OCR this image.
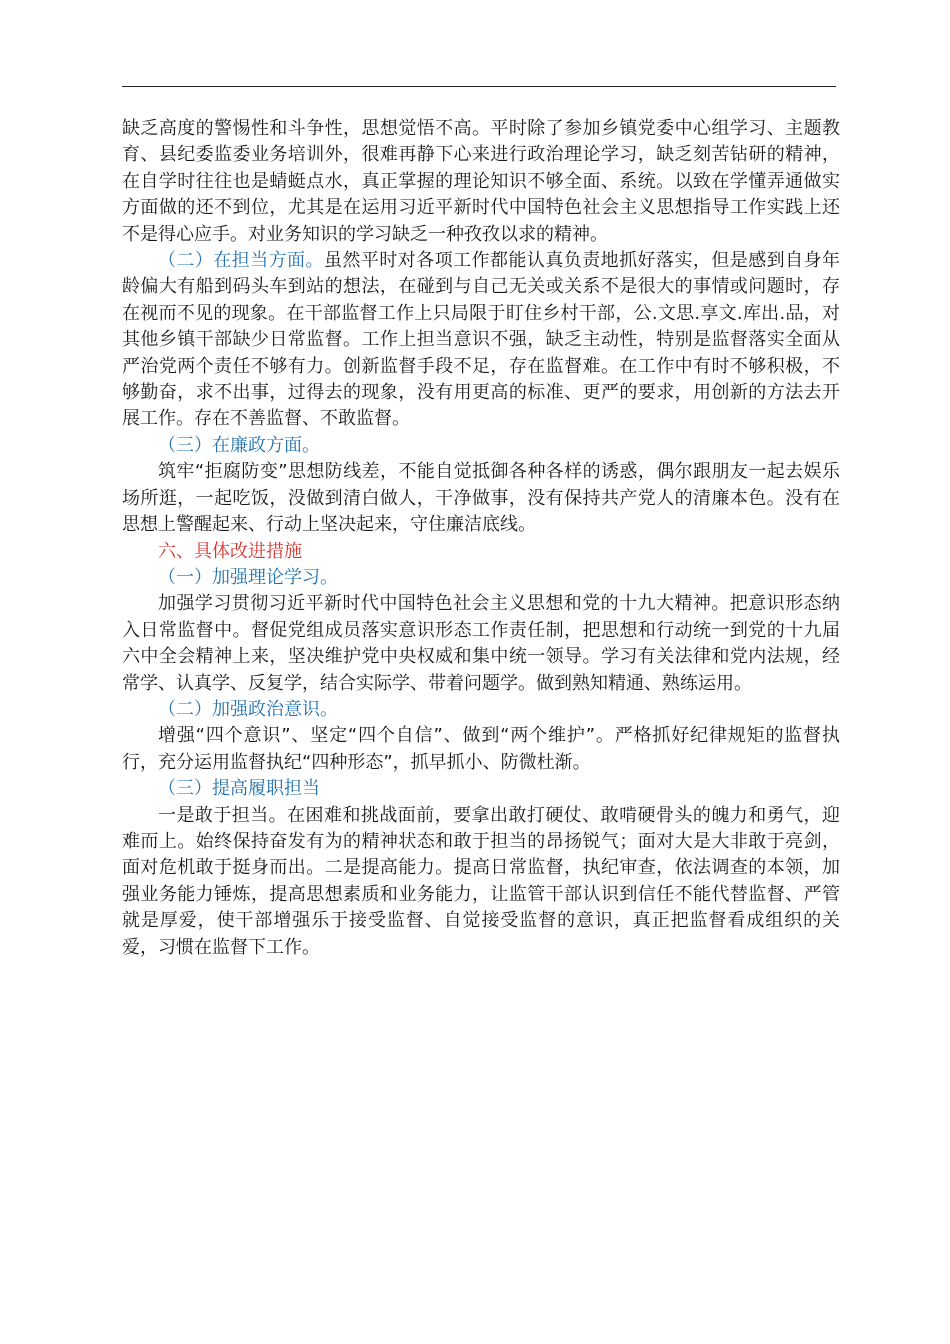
缺乏高度的警惕性和斗争性，思想觉悟不高。平时除了参加乡镇党委中心组学习、主题教育、县纪委监委业务培训外，很难再静下心来进行政治理论学习，缺乏刻苦钻研的精神，在自学时往往也是蜻蜓点水，真正掌握的理论知识不够全面、系统。以致在学懂弄通做实方面做的还不到位，尤其是在运用习近平新时代中国特色社会主义思想指导工作实践上还不是得心应手。对业务知识的学习缺乏一种孜孜以求的精神。

（二）在担当方面。虽然平时对各项工作都能认真负责地抓好落实，但是感到自身年龄偏大有船到码头车到站的想法，在碰到与自己无关或关系不是很大的事情或问题时，存在视而不见的现象。在干部监督工作上只局限于盯住乡村干部，公.文思.享文.库出.品，对其他乡镇干部缺少日常监督。工作上担当意识不强，缺乏主动性，特别是监督落实全面从严治党两个责任不够有力。创新监督手段不足，存在监督难。在工作中有时不够积极，不够勤奋，求不出事，过得去的现象，没有用更高的标准、更严的要求，用创新的方法去开展工作。存在不善监督、不敢监督。

（三）在廉政方面。

筑牢“拒腐防变”思想防线差，不能自觉抵御各种各样的诱惑，偶尔跟朋友一起去娱乐场所逛，一起吃饭，没做到清白做人，干净做事，没有保持共产党人的清廉本色。没有在思想上警醒起来、行动上坚决起来，守住廉洁底线。

六、具体改进措施

（一）加强理论学习。

加强学习贯彻习近平新时代中国特色社会主义思想和党的十九大精神。把意识形态纳入日常监督中。督促党组成员落实意识形态工作责任制，把思想和行动统一到党的十九届六中全会精神上来，坚决维护党中央权威和集中统一领导。学习有关法律和党内法规，经常学、认真学、反复学，结合实际学、带着问题学。做到熟知精通、熟练运用。

（二）加强政治意识。

增强“四个意识”、坚定“四个自信”、做到“两个维护”。严格抓好纪律规矩的监督执行，充分运用监督执纪“四种形态”，抓早抓小、防微杜渐。

（三）提高履职担当

一是敢于担当。在困难和挑战面前，要拿出敢打硬仗、敢啃硬骨头的魄力和勇气，迎难而上。始终保持奋发有为的精神状态和敢于担当的昂扬锐气；面对大是大非敢于亮剑，面对危机敢于挺身而出。二是提高能力。提高日常监督，执纪审查，依法调查的本领，加强业务能力锤炼，提高思想素质和业务能力，让监管干部认识到信任不能代替监督、严管就是厚爱，使干部增强乐于接受监督、自觉接受监督的意识，真正把监督看成组织的关爱，习惯在监督下工作。
